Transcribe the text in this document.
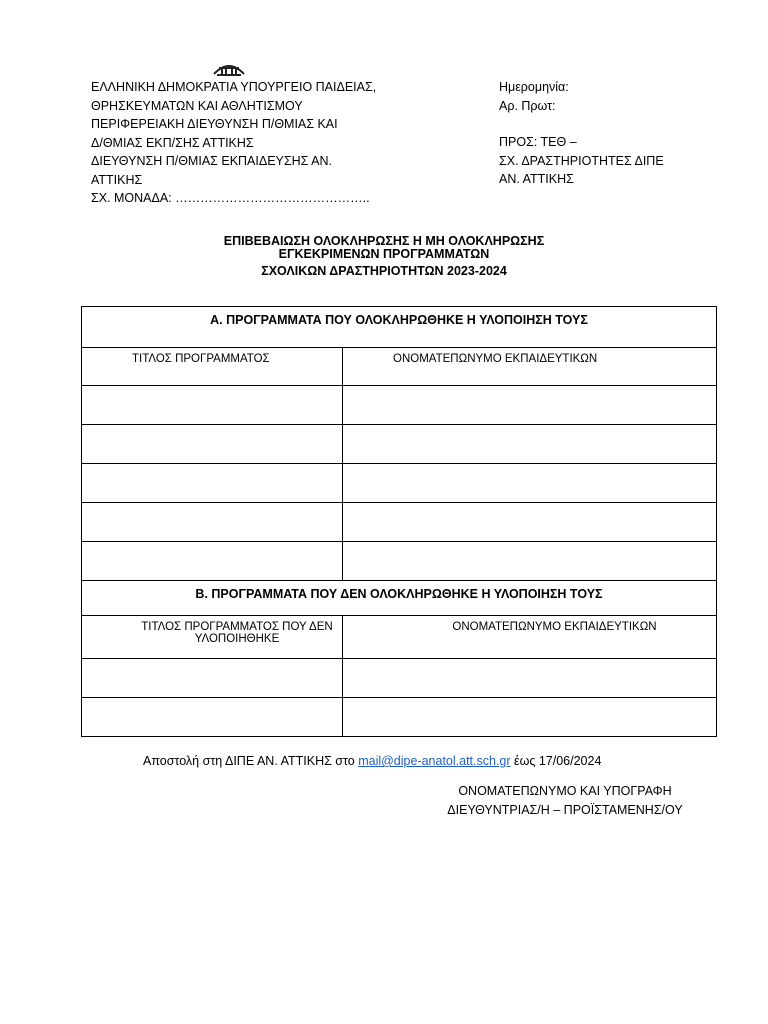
ΕΛΛΗΝΙΚΗ ΔΗΜΟΚΡΑΤΙΑ ΥΠΟΥΡΓΕΙΟ ΠΑΙΔΕΙΑΣ,
ΘΡΗΣΚΕΥΜΑΤΩΝ ΚΑΙ ΑΘΛΗΤΙΣΜΟΥ
ΠΕΡΙΦΕΡΕΙΑΚΗ ΔΙΕΥΘΥΝΣΗ Π/ΘΜΙΑΣ ΚΑΙ
Δ/ΘΜΙΑΣ ΕΚΠ/ΣΗΣ ΑΤΤΙΚΗΣ
ΔΙΕΥΘΥΝΣΗ Π/ΘΜΙΑΣ ΕΚΠΑΙΔΕΥΣΗΣ ΑΝ.
ΑΤΤΙΚΗΣ
ΣΧ. ΜΟΝΑΔΑ: ………………………………………..
Ημερομηνία:
Αρ. Πρωτ:
ΠΡΟΣ: ΤΕΘ –
ΣΧ. ΔΡΑΣΤΗΡΙΟΤΗΤΕΣ ΔΙΠΕ
ΑΝ. ΑΤΤΙΚΗΣ
ΕΠΙΒΕΒΑΙΩΣΗ ΟΛΟΚΛΗΡΩΣΗΣ Η ΜΗ ΟΛΟΚΛΗΡΩΣΗΣ
ΕΓΚΕΚΡΙΜΕΝΩΝ ΠΡΟΓΡΑΜΜΑΤΩΝ
ΣΧΟΛΙΚΩΝ ΔΡΑΣΤΗΡΙΟΤΗΤΩΝ 2023-2024
Α. ΠΡΟΓΡΑΜΜΑΤΑ ΠΟΥ ΟΛΟΚΛΗΡΩΘΗΚΕ Η ΥΛΟΠΟΙΗΣΗ ΤΟΥΣ	
ΤΙΤΛΟΣ ΠΡΟΓΡΑΜΜΑΤΟΣ	ΟΝΟΜΑΤΕΠΩΝΥΜΟ ΕΚΠΑΙΔΕΥΤΙΚΩΝ

Β. ΠΡΟΓΡΑΜΜΑΤΑ ΠΟΥ ΔΕΝ ΟΛΟΚΛΗΡΩΘΗΚΕ Η ΥΛΟΠΟΙΗΣΗ ΤΟΥΣ	

ΤΙΤΛΟΣ ΠΡΟΓΡΑΜΜΑΤΟΣ ΠΟΥ ΔΕΝ
ΥΛΟΠΟΙΗΘΗΚΕ	ΟΝΟΜΑΤΕΠΩΝΥΜΟ ΕΚΠΑΙΔΕΥΤΙΚΩΝ

Αποστολή στη ΔΙΠΕ ΑΝ. ΑΤΤΙΚΗΣ στο mail@dipe-anatol.att.sch.gr έως 17/06/2024
ΟΝΟΜΑΤΕΠΩΝΥΜΟ ΚΑΙ ΥΠΟΓΡΑΦΗ
ΔΙΕΥΘΥΝΤΡΙΑΣ/Η – ΠΡΟΪΣΤΑΜΕΝΗΣ/ΟΥ
